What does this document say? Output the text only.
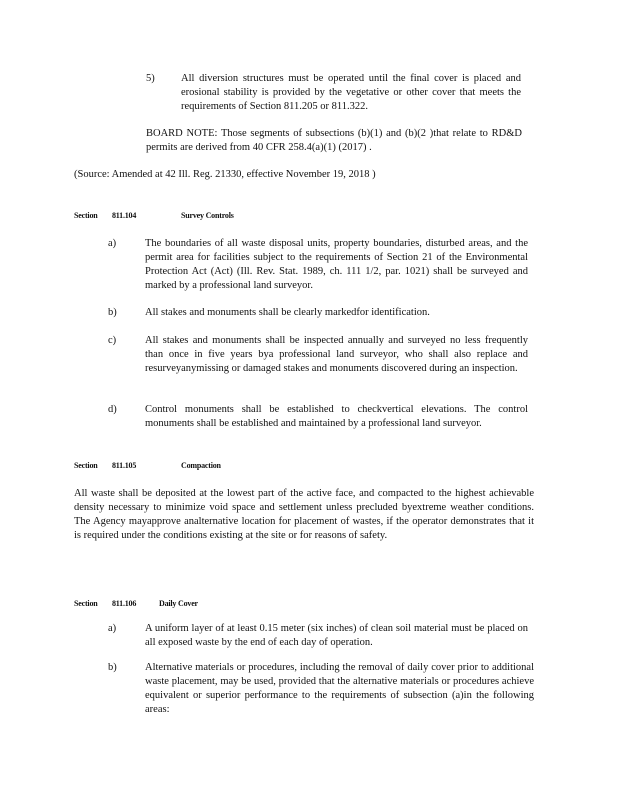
5)	All diversion structures must be operated until the final cover is placed and erosional stability is provided by the vegetative or other cover that meets the requirements of Section 811.205 or 811.322.
BOARD NOTE: Those segments of subsections (b)(1) and (b)(2 )that relate to RD&D permits are derived from 40 CFR 258.4(a)(1) (2017) .
(Source: Amended at 42 Ill. Reg. 21330, effective November 19, 2018 )
Section 811.104	Survey Controls
a)	The boundaries of all waste disposal units, property boundaries, disturbed areas, and the permit area for facilities subject to the requirements of Section 21 of the Environmental Protection Act (Act) (Ill. Rev. Stat. 1989, ch. 111 1/2, par. 1021) shall be surveyed and marked by a professional land surveyor.
b)	All stakes and monuments shall be clearly markedfor identification.
c)	All stakes and monuments shall be inspected annually and surveyed no less frequently than once in five years bya professional land surveyor, who shall also replace and resurveyanymissing or damaged stakes and monuments discovered during an inspection.
d)	Control monuments shall be established to checkvertical elevations. The control monuments shall be established and maintained by a professional land surveyor.
Section 811.105	Compaction
All waste shall be deposited at the lowest part of the active face, and compacted to the highest achievable density necessary to minimize void space and settlement unless precluded byextreme weather conditions. The Agency mayapprove analternative location for placement of wastes, if the operator demonstrates that it is required under the conditions existing at the site or for reasons of safety.
Section 811.106	Daily Cover
a)	A uniform layer of at least 0.15 meter (six inches) of clean soil material must be placed on all exposed waste by the end of each day of operation.
b)	Alternative materials or procedures, including the removal of daily cover prior to additional waste placement, may be used, provided that the alternative materials or procedures achieve equivalent or superior performance to the requirements of subsection (a)in the following areas:
